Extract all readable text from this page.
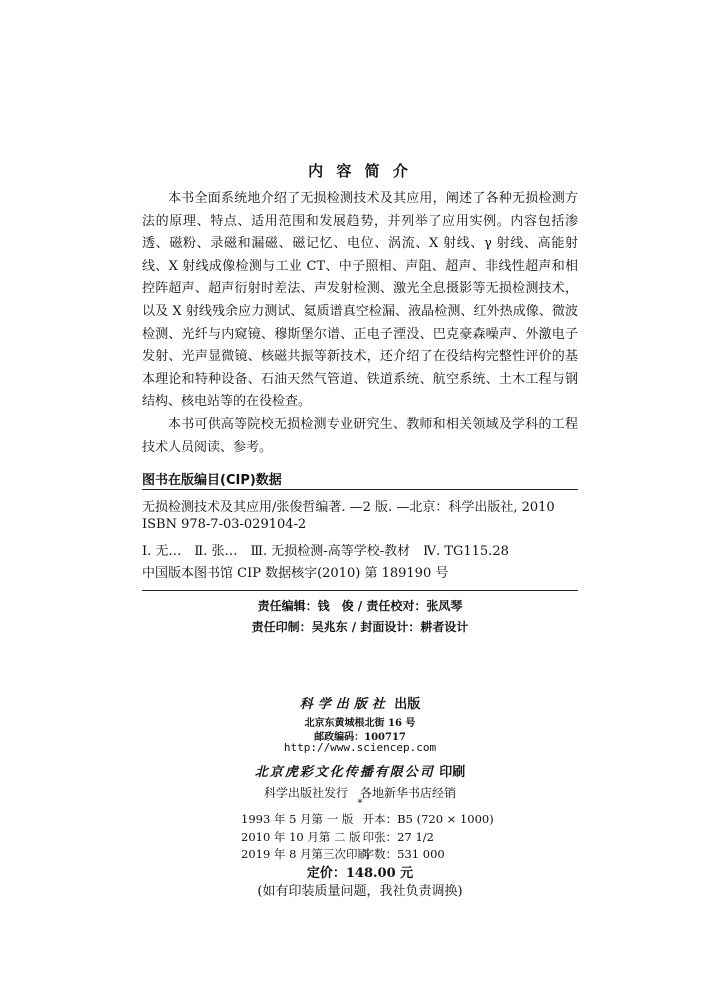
内 容 简 介

本书全面系统地介绍了无损检测技术及其应用，阐述了各种无损检测方法的原理、特点、适用范围和发展趋势，并列举了应用实例。内容包括渗透、磁粉、录磁和漏磁、磁记忆、电位、涡流、X 射线、γ 射线、高能射线、X 射线成像检测与工业 CT、中子照相、声阻、超声、非线性超声和相控阵超声、超声衍射时差法、声发射检测、激光全息摄影等无损检测技术，以及 X 射线残余应力测试、氦质谱真空检漏、液晶检测、红外热成像、微波检测、光纤与内窥镜、穆斯堡尔谱、正电子湮没、巴克豪森噪声、外激电子发射、光声显微镜、核磁共振等新技术，还介绍了在役结构完整性评价的基本理论和特种设备、石油天然气管道、铁道系统、航空系统、土木工程与钢结构、核电站等的在役检查。

本书可供高等院校无损检测专业研究生、教师和相关领域及学科的工程技术人员阅读、参考。

图书在版编目(CIP)数据
无损检测技术及其应用/张俊哲编著. —2 版. —北京：科学出版社, 2010
ISBN 978-7-03-029104-2
Ⅰ. 无…　Ⅱ. 张…　Ⅲ. 无损检测-高等学校-教材　Ⅳ. TG115.28
中国版本图书馆 CIP 数据核字(2010) 第 189190 号
责任编辑：钱　俊 / 责任校对：张凤琴
责任印制：吴兆东 / 封面设计：耕者设计
科学出版社 出版
北京东黄城根北街 16 号
邮政编码：100717
http://www.sciencep.com
北京虎彩文化传播有限公司 印刷
科学出版社发行　各地新华书店经销
*
1993 年 5 月第 一 版 开本：B5 (720 × 1000)
2010 年 10 月第 二 版 印张：27 1/2
2019 年 8 月第三次印刷 字数：531 000
定价：148.00 元
(如有印装质量问题，我社负责调换)
